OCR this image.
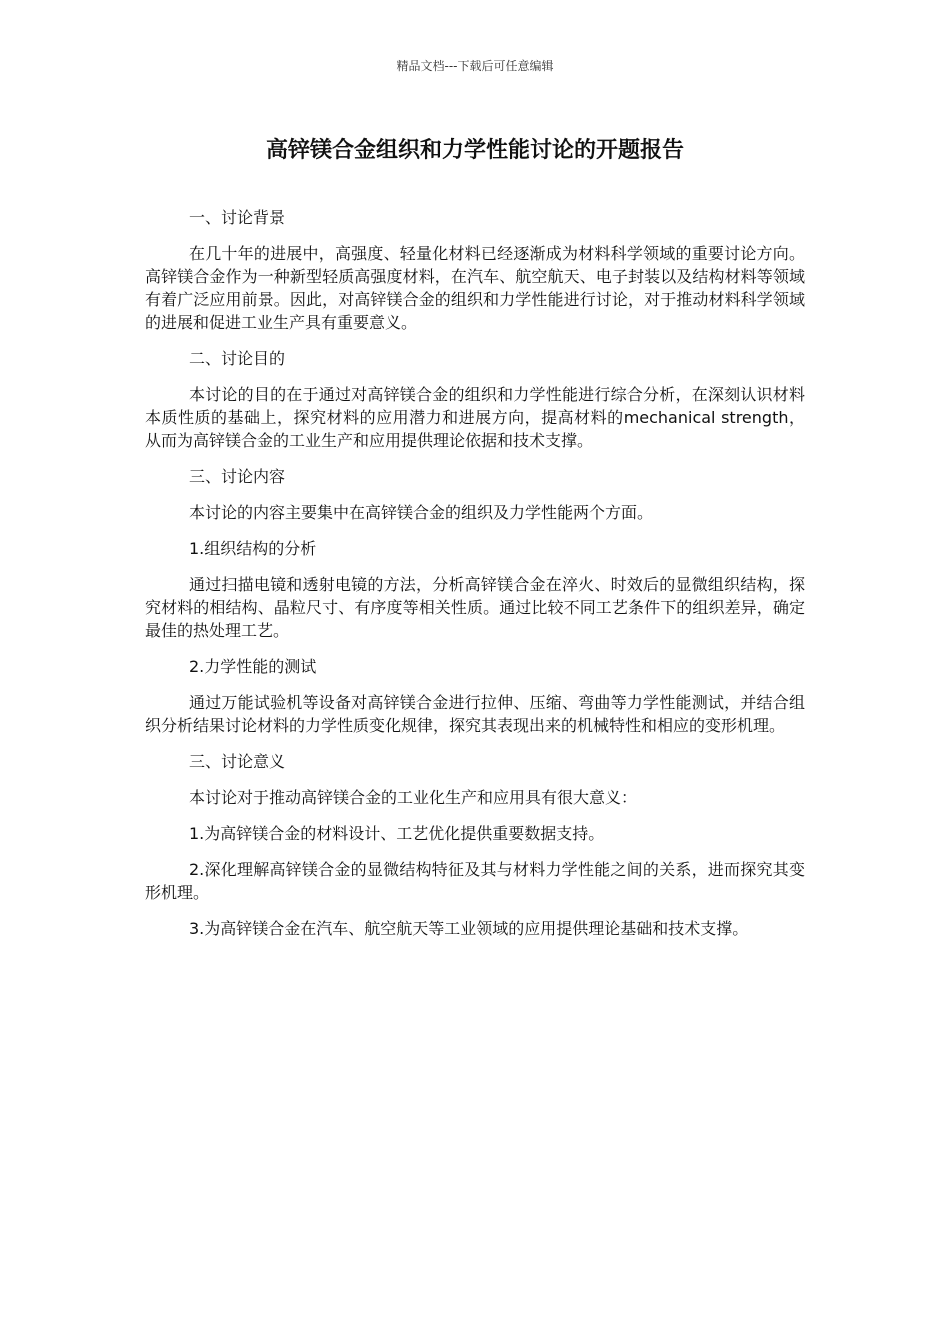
精品文档---下载后可任意编辑
高锌镁合金组织和力学性能讨论的开题报告

一、讨论背景

在几十年的进展中，高强度、轻量化材料已经逐渐成为材料科学领域的重要讨论方向。高锌镁合金作为一种新型轻质高强度材料，在汽车、航空航天、电子封装以及结构材料等领域有着广泛应用前景。因此，对高锌镁合金的组织和力学性能进行讨论，对于推动材料科学领域的进展和促进工业生产具有重要意义。

二、讨论目的

本讨论的目的在于通过对高锌镁合金的组织和力学性能进行综合分析，在深刻认识材料本质性质的基础上，探究材料的应用潜力和进展方向，提高材料的mechanical strength，从而为高锌镁合金的工业生产和应用提供理论依据和技术支撑。

三、讨论内容

本讨论的内容主要集中在高锌镁合金的组织及力学性能两个方面。

1.组织结构的分析

通过扫描电镜和透射电镜的方法，分析高锌镁合金在淬火、时效后的显微组织结构，探究材料的相结构、晶粒尺寸、有序度等相关性质。通过比较不同工艺条件下的组织差异，确定最佳的热处理工艺。

2.力学性能的测试

通过万能试验机等设备对高锌镁合金进行拉伸、压缩、弯曲等力学性能测试，并结合组织分析结果讨论材料的力学性质变化规律，探究其表现出来的机械特性和相应的变形机理。

三、讨论意义

本讨论对于推动高锌镁合金的工业化生产和应用具有很大意义：

1.为高锌镁合金的材料设计、工艺优化提供重要数据支持。

2.深化理解高锌镁合金的显微结构特征及其与材料力学性能之间的关系，进而探究其变形机理。

3.为高锌镁合金在汽车、航空航天等工业领域的应用提供理论基础和技术支撑。
